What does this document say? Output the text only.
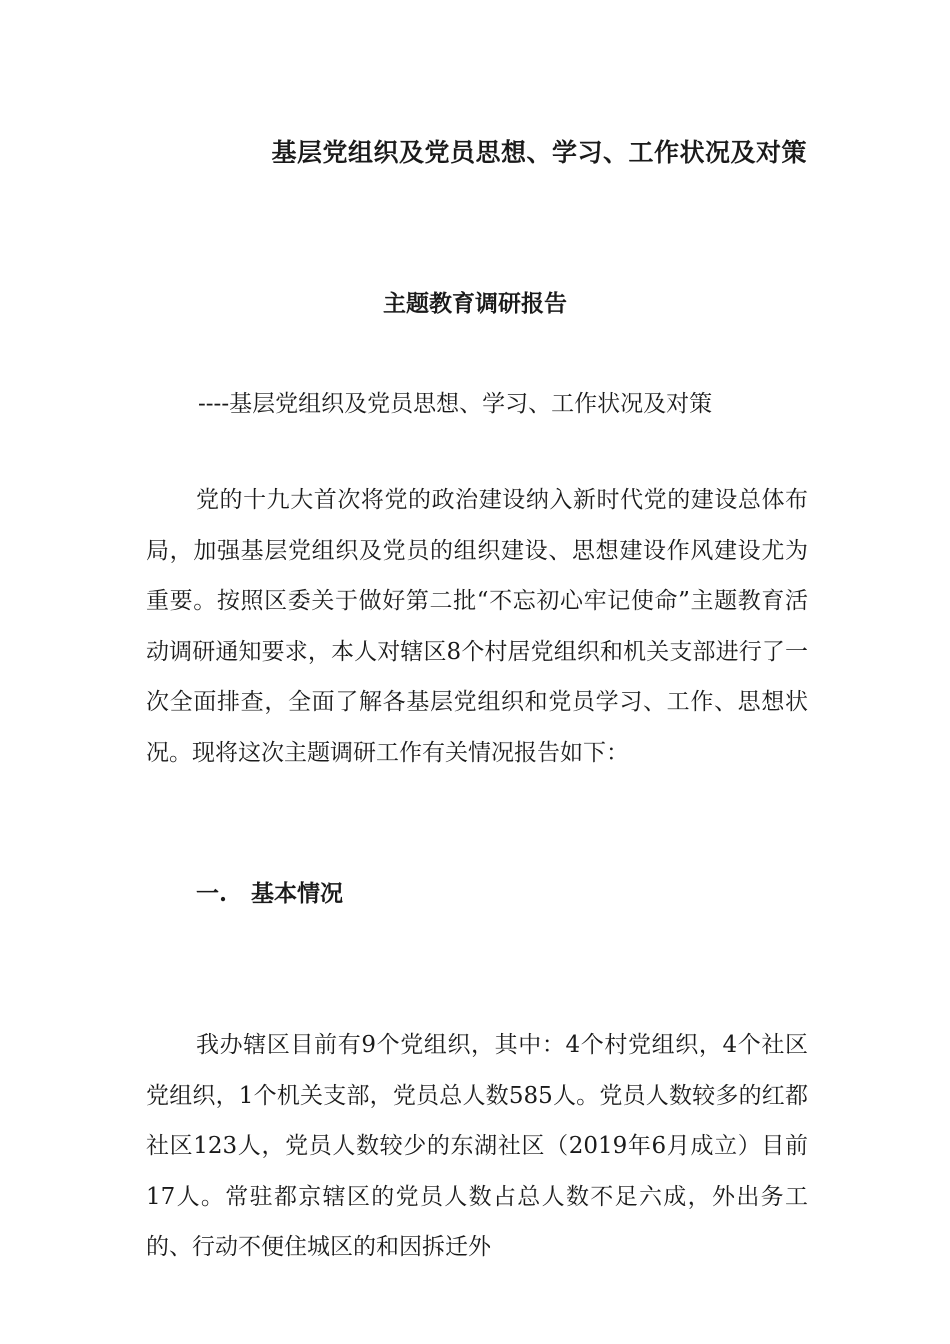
基层党组织及党员思想、学习、工作状况及对策
主题教育调研报告

----基层党组织及党员思想、学习、工作状况及对策

党的十九大首次将党的政治建设纳入新时代党的建设总体布局，加强基层党组织及党员的组织建设、思想建设作风建设尤为重要。按照区委关于做好第二批“不忘初心牢记使命”主题教育活动调研通知要求，本人对辖区8个村居党组织和机关支部进行了一次全面排查，全面了解各基层党组织和党员学习、工作、思想状况。现将这次主题调研工作有关情况报告如下：

一. 基本情况

我办辖区目前有9个党组织，其中：4个村党组织，4个社区党组织，1个机关支部，党员总人数585人。党员人数较多的红都社区123人，党员人数较少的东湖社区（2019年6月成立）目前17人。常驻都京辖区的党员人数占总人数不足六成，外出务工的、行动不便住城区的和因拆迁外
